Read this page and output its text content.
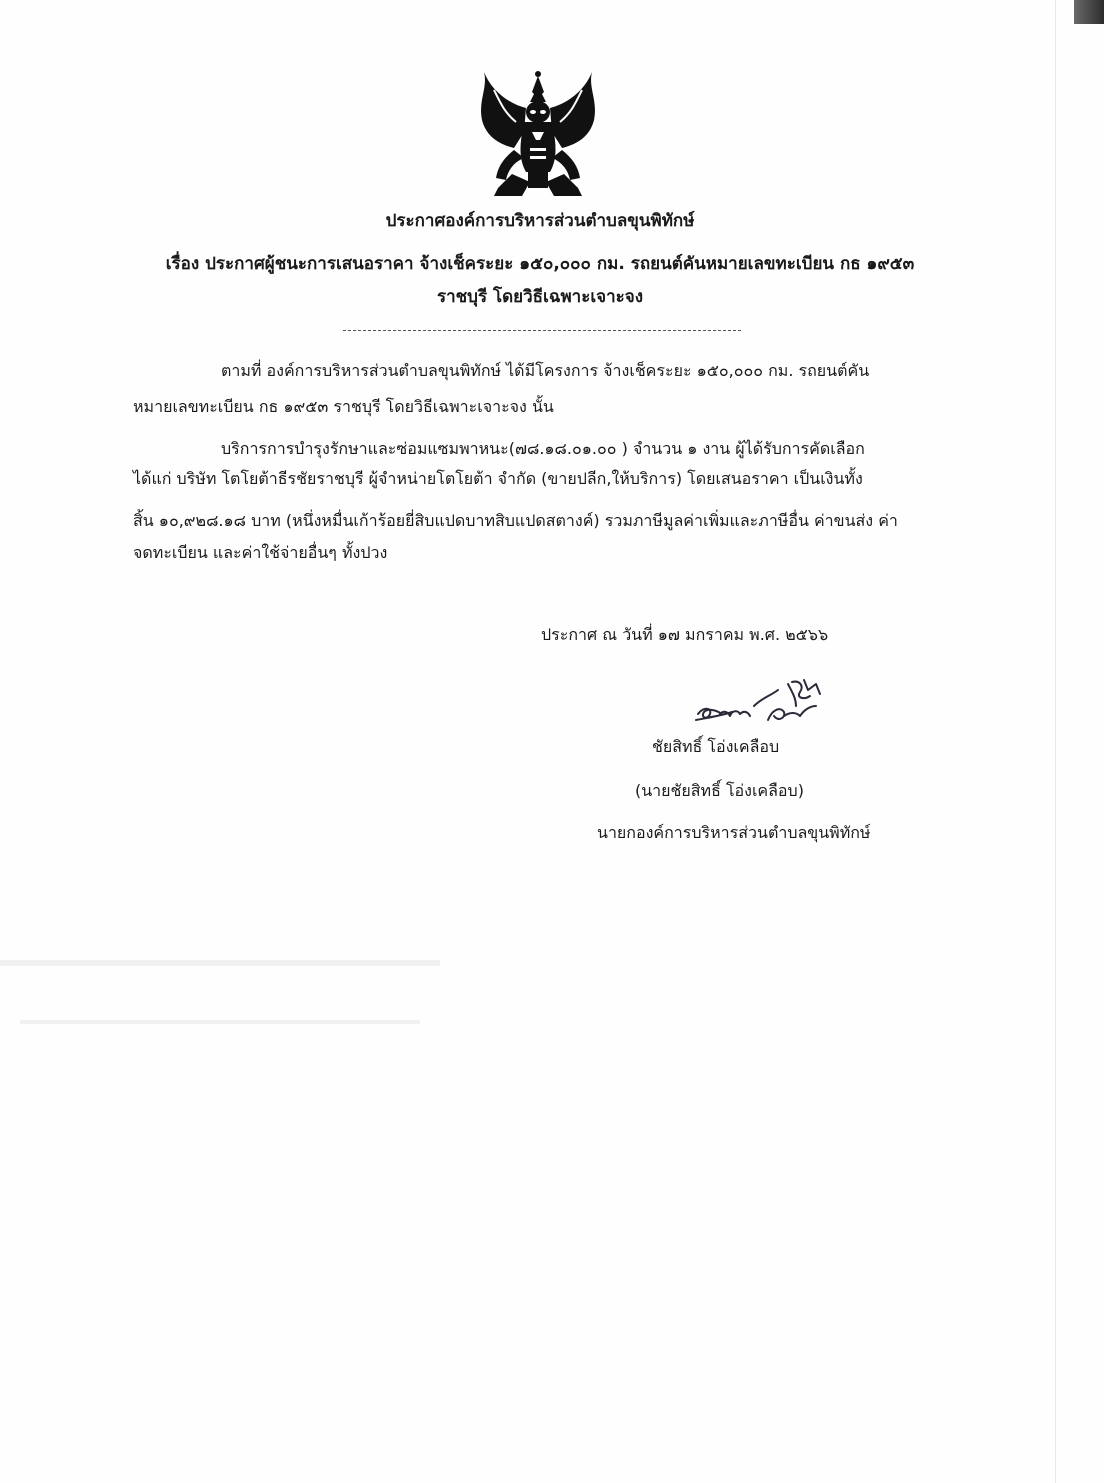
ประกาศองค์การบริหารส่วนตำบลขุนพิทักษ์
เรื่อง ประกาศผู้ชนะการเสนอราคา จ้างเช็คระยะ ๑๕๐,๐๐๐ กม. รถยนต์คันหมายเลขทะเบียน กธ ๑๙๕๓
ราชบุรี โดยวิธีเฉพาะเจาะจง
ตามที่ องค์การบริหารส่วนตำบลขุนพิทักษ์ ได้มีโครงการ จ้างเช็คระยะ ๑๕๐,๐๐๐ กม. รถยนต์คัน
หมายเลขทะเบียน กธ ๑๙๕๓ ราชบุรี โดยวิธีเฉพาะเจาะจง นั้น
บริการการบำรุงรักษาและซ่อมแซมพาหนะ(๗๘.๑๘.๐๑.๐๐ ) จำนวน ๑ งาน ผู้ได้รับการคัดเลือก
ได้แก่ บริษัท โตโยต้าธีรชัยราชบุรี ผู้จำหน่ายโตโยต้า จำกัด (ขายปลีก,ให้บริการ) โดยเสนอราคา เป็นเงินทั้ง
สิ้น ๑๐,๙๒๘.๑๘ บาท (หนึ่งหมื่นเก้าร้อยยี่สิบแปดบาทสิบแปดสตางค์) รวมภาษีมูลค่าเพิ่มและภาษีอื่น ค่าขนส่ง ค่า
จดทะเบียน และค่าใช้จ่ายอื่นๆ ทั้งปวง
ประกาศ ณ วันที่ ๑๗ มกราคม พ.ศ. ๒๕๖๖
ชัยสิทธิ์ โอ่งเคลือบ
(นายชัยสิทธิ์ โอ่งเคลือบ)
นายกองค์การบริหารส่วนตำบลขุนพิทักษ์
